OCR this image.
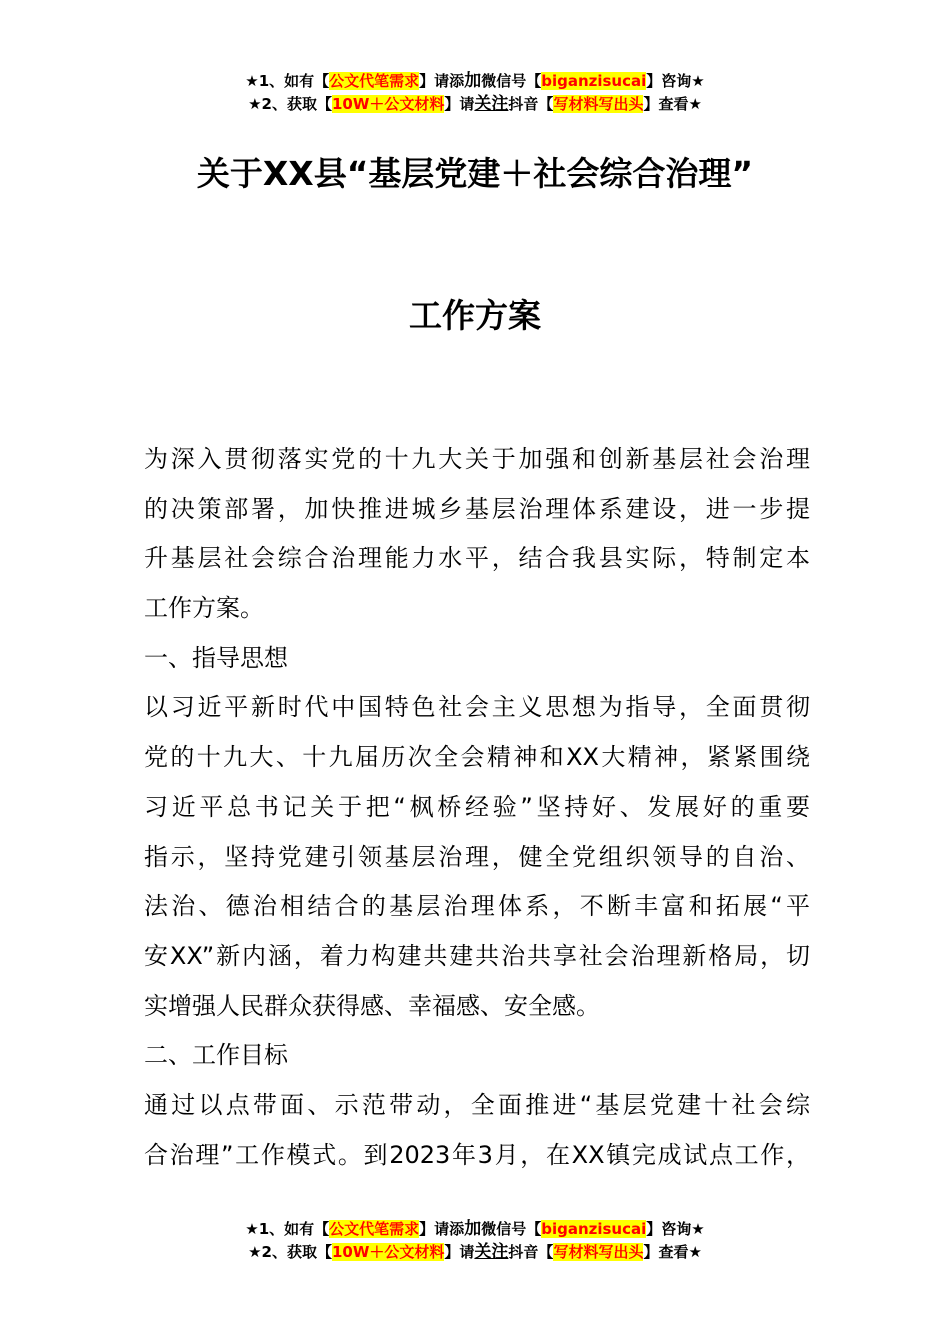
★1、如有【公文代笔需求】请添加微信号【biganzisucai】咨询★
★2、获取【10W＋公文材料】请关注抖音【写材料写出头】查看★
关于XX县“基层党建＋社会综合治理”
工作方案
为深入贯彻落实党的十九大关于加强和创新基层社会治理
的决策部署，加快推进城乡基层治理体系建设，进一步提
升基层社会综合治理能力水平，结合我县实际，特制定本
工作方案。
一、指导思想
以习近平新时代中国特色社会主义思想为指导，全面贯彻
党的十九大、十九届历次全会精神和XX大精神，紧紧围绕
习近平总书记关于把“枫桥经验”坚持好、发展好的重要
指示，坚持党建引领基层治理，健全党组织领导的自治、
法治、德治相结合的基层治理体系，不断丰富和拓展“平
安XX”新内涵，着力构建共建共治共享社会治理新格局，切
实增强人民群众获得感、幸福感、安全感。
二、工作目标
通过以点带面、示范带动，全面推进“基层党建十社会综
合治理”工作模式。到2023年3月，在XX镇完成试点工作，
★1、如有【公文代笔需求】请添加微信号【biganzisucai】咨询★
★2、获取【10W＋公文材料】请关注抖音【写材料写出头】查看★
